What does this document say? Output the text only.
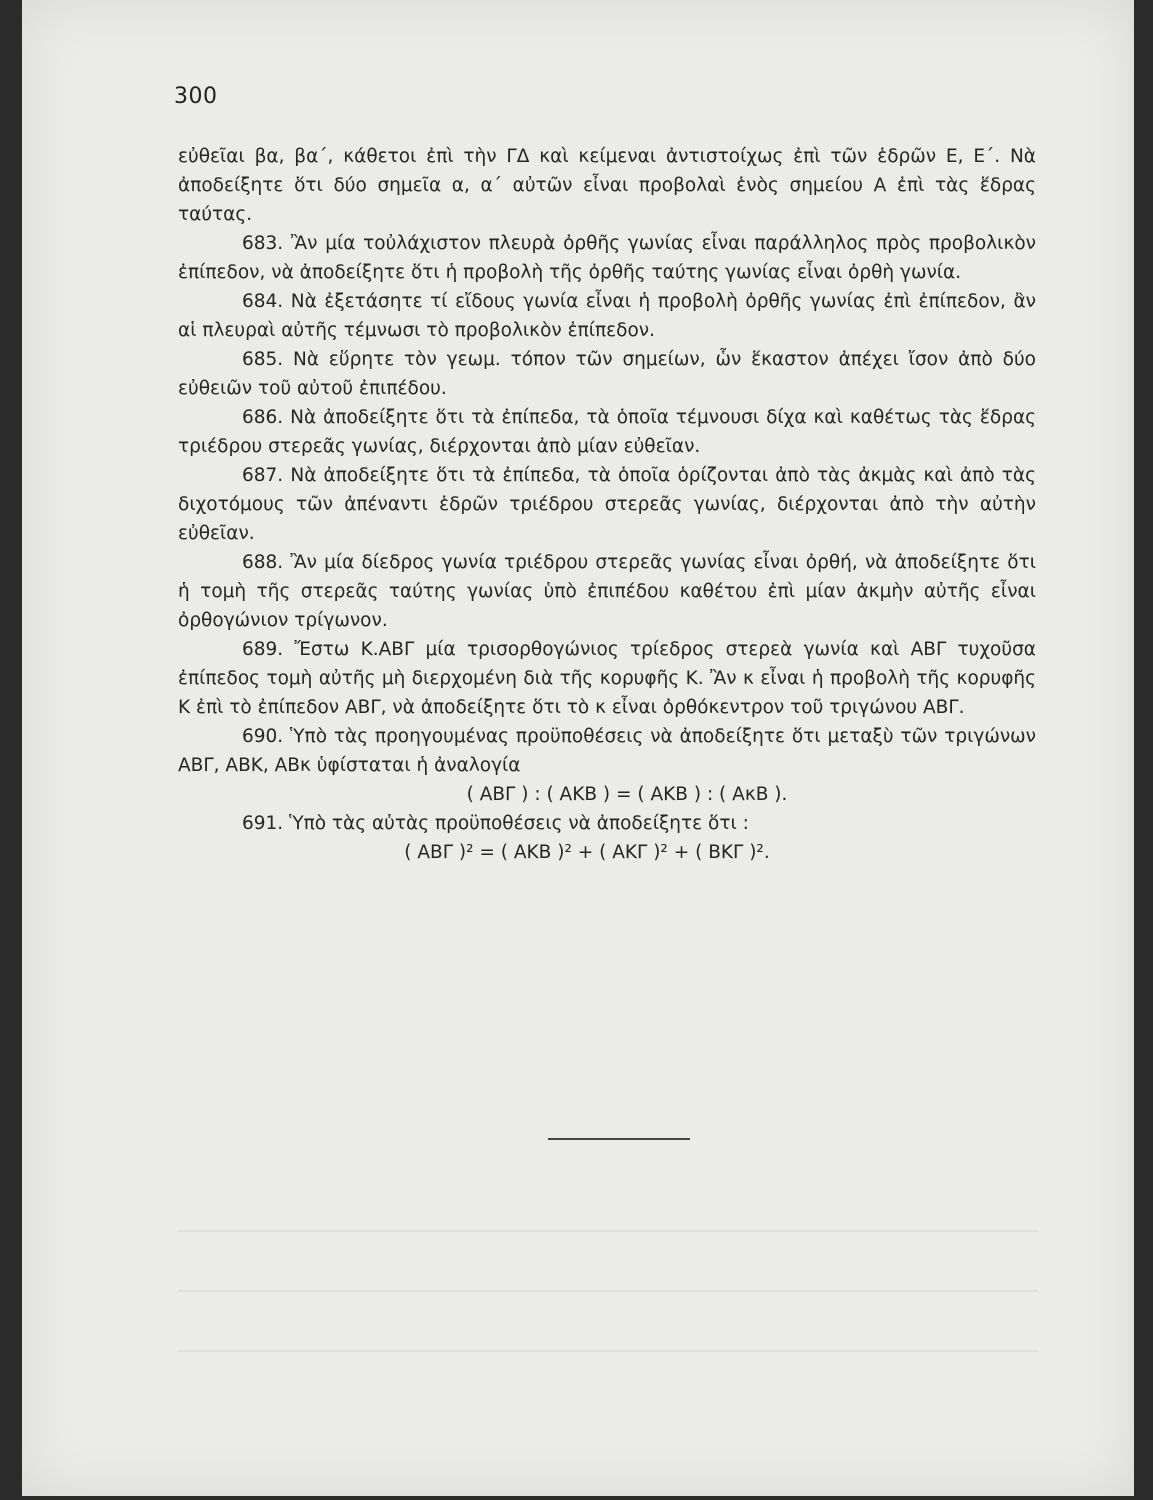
300

εὐθεῖαι βα, βα΄, κάθετοι ἐπὶ τὴν ΓΔ καὶ κείμεναι ἀντιστοίχως ἐπὶ τῶν ἑδρῶν Ε, Ε΄. Νὰ ἀποδείξητε ὅτι δύο σημεῖα α, α΄ αὐτῶν εἶναι προβολαὶ ἑνὸς σημείου Α ἐπὶ τὰς ἕδρας ταύτας.

683. Ἂν μία τοὐλάχιστον πλευρὰ ὀρθῆς γωνίας εἶναι παράλληλος πρὸς προβολικὸν ἐπίπεδον, νὰ ἀποδείξητε ὅτι ἡ προβολὴ τῆς ὀρθῆς ταύτης γωνίας εἶναι ὀρθὴ γωνία.

684. Νὰ ἐξετάσητε τί εἴδους γωνία εἶναι ἡ προβολὴ ὀρθῆς γωνίας ἐπὶ ἐπίπεδον, ἂν αἱ πλευραὶ αὐτῆς τέμνωσι τὸ προβολικὸν ἐπίπεδον.

685. Νὰ εὕρητε τὸν γεωμ. τόπον τῶν σημείων, ὧν ἕκαστον ἀπέχει ἴσον ἀπὸ δύο εὐθειῶν τοῦ αὐτοῦ ἐπιπέδου.

686. Νὰ ἀποδείξητε ὅτι τὰ ἐπίπεδα, τὰ ὁποῖα τέμνουσι δίχα καὶ καθέτως τὰς ἕδρας τριέδρου στερεᾶς γωνίας, διέρχονται ἀπὸ μίαν εὐθεῖαν.

687. Νὰ ἀποδείξητε ὅτι τὰ ἐπίπεδα, τὰ ὁποῖα ὁρίζονται ἀπὸ τὰς ἀκμὰς καὶ ἀπὸ τὰς διχοτόμους τῶν ἀπέναντι ἑδρῶν τριέδρου στερεᾶς γωνίας, διέρχονται ἀπὸ τὴν αὐτὴν εὐθεῖαν.

688. Ἂν μία δίεδρος γωνία τριέδρου στερεᾶς γωνίας εἶναι ὀρθή, νὰ ἀποδείξητε ὅτι ἡ τομὴ τῆς στερεᾶς ταύτης γωνίας ὑπὸ ἐπιπέδου καθέτου ἐπὶ μίαν ἀκμὴν αὐτῆς εἶναι ὀρθογώνιον τρίγωνον.

689. Ἔστω Κ.ΑΒΓ μία τρισορθογώνιος τρίεδρος στερεὰ γωνία καὶ ΑΒΓ τυχοῦσα ἐπίπεδος τομὴ αὐτῆς μὴ διερχομένη διὰ τῆς κορυφῆς Κ. Ἂν κ εἶναι ἡ προβολὴ τῆς κορυφῆς Κ ἐπὶ τὸ ἐπίπεδον ΑΒΓ, νὰ ἀποδείξητε ὅτι τὸ κ εἶναι ὀρθόκεντρον τοῦ τριγώνου ΑΒΓ.

690. Ὑπὸ τὰς προηγουμένας προϋποθέσεις νὰ ἀποδείξητε ὅτι μεταξὺ τῶν τριγώνων ΑΒΓ, ΑΒΚ, ΑΒκ ὑφίσταται ἡ ἀναλογία

( ΑΒΓ ) : ( ΑΚΒ ) = ( ΑΚΒ ) : ( ΑκΒ ).

691. Ὑπὸ τὰς αὐτὰς προϋποθέσεις νὰ ἀποδείξητε ὅτι :

( ΑΒΓ )² = ( ΑΚΒ )² + ( ΑΚΓ )² + ( ΒΚΓ )².
